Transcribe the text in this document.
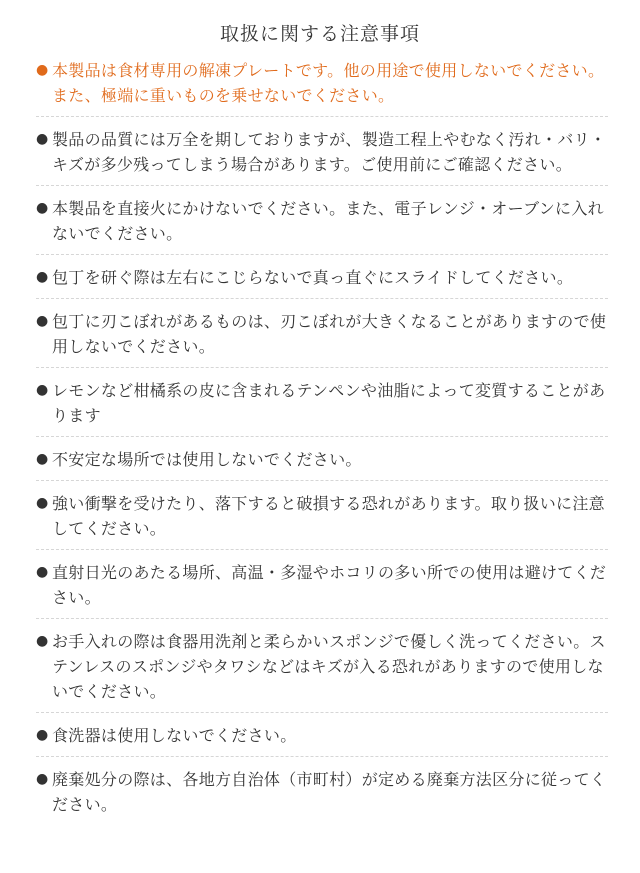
取扱に関する注意事項
● 本製品は食材専用の解凍プレートです。他の用途で使用しないでください。また、極端に重いものを乗せないでください。
● 製品の品質には万全を期しておりますが、製造工程上やむなく汚れ・バリ・キズが多少残ってしまう場合があります。ご使用前にご確認ください。
● 本製品を直接火にかけないでください。また、電子レンジ・オーブンに入れないでください。
● 包丁を研ぐ際は左右にこじらないで真っ直ぐにスライドしてください。
● 包丁に刃こぼれがあるものは、刃こぼれが大きくなることがありますので使用しないでください。
● レモンなど柑橘系の皮に含まれるテンペンや油脂によって変質することがあります
● 不安定な場所では使用しないでください。
● 強い衝撃を受けたり、落下すると破損する恐れがあります。取り扱いに注意してください。
● 直射日光のあたる場所、高温・多湿やホコリの多い所での使用は避けてください。
● お手入れの際は食器用洗剤と柔らかいスポンジで優しく洗ってください。ステンレスのスポンジやタワシなどはキズが入る恐れがありますので使用しないでください。
● 食洗器は使用しないでください。
● 廃棄処分の際は、各地方自治体（市町村）が定める廃棄方法区分に従ってください。
